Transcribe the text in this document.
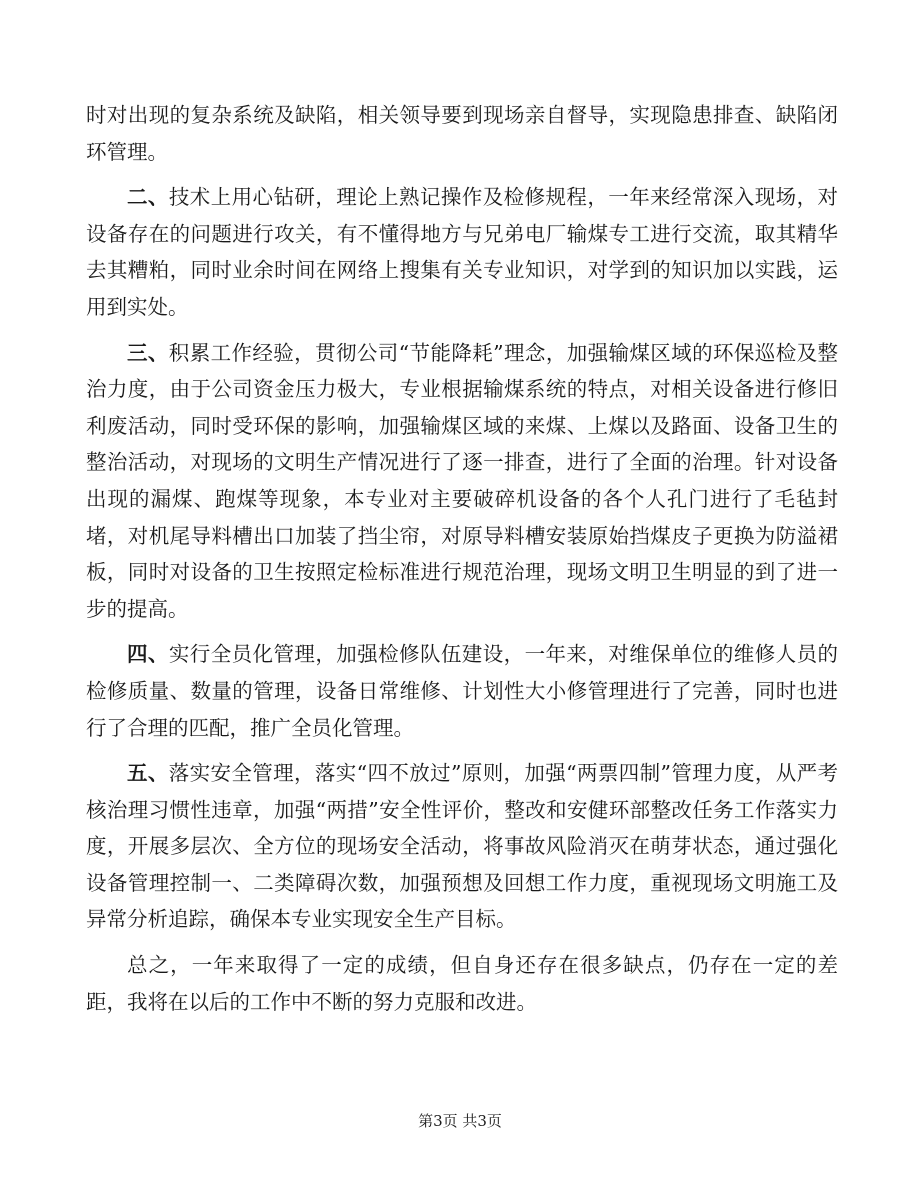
时对出现的复杂系统及缺陷，相关领导要到现场亲自督导，实现隐患排查、缺陷闭环管理。

二、技术上用心钻研，理论上熟记操作及检修规程，一年来经常深入现场，对设备存在的问题进行攻关，有不懂得地方与兄弟电厂输煤专工进行交流，取其精华去其糟粕，同时业余时间在网络上搜集有关专业知识，对学到的知识加以实践，运用到实处。

三、积累工作经验，贯彻公司“节能降耗”理念，加强输煤区域的环保巡检及整治力度，由于公司资金压力极大，专业根据输煤系统的特点，对相关设备进行修旧利废活动，同时受环保的影响，加强输煤区域的来煤、上煤以及路面、设备卫生的整治活动，对现场的文明生产情况进行了逐一排查，进行了全面的治理。针对设备出现的漏煤、跑煤等现象，本专业对主要破碎机设备的各个人孔门进行了毛毡封堵，对机尾导料槽出口加装了挡尘帘，对原导料槽安装原始挡煤皮子更换为防溢裙板，同时对设备的卫生按照定检标准进行规范治理，现场文明卫生明显的到了进一步的提高。

四、实行全员化管理，加强检修队伍建设，一年来，对维保单位的维修人员的检修质量、数量的管理，设备日常维修、计划性大小修管理进行了完善，同时也进行了合理的匹配，推广全员化管理。

五、落实安全管理，落实“四不放过”原则，加强“两票四制”管理力度，从严考核治理习惯性违章，加强“两措”安全性评价，整改和安健环部整改任务工作落实力度，开展多层次、全方位的现场安全活动，将事故风险消灭在萌芽状态，通过强化设备管理控制一、二类障碍次数，加强预想及回想工作力度，重视现场文明施工及异常分析追踪，确保本专业实现安全生产目标。

总之，一年来取得了一定的成绩，但自身还存在很多缺点，仍存在一定的差距，我将在以后的工作中不断的努力克服和改进。

第3页 共3页
